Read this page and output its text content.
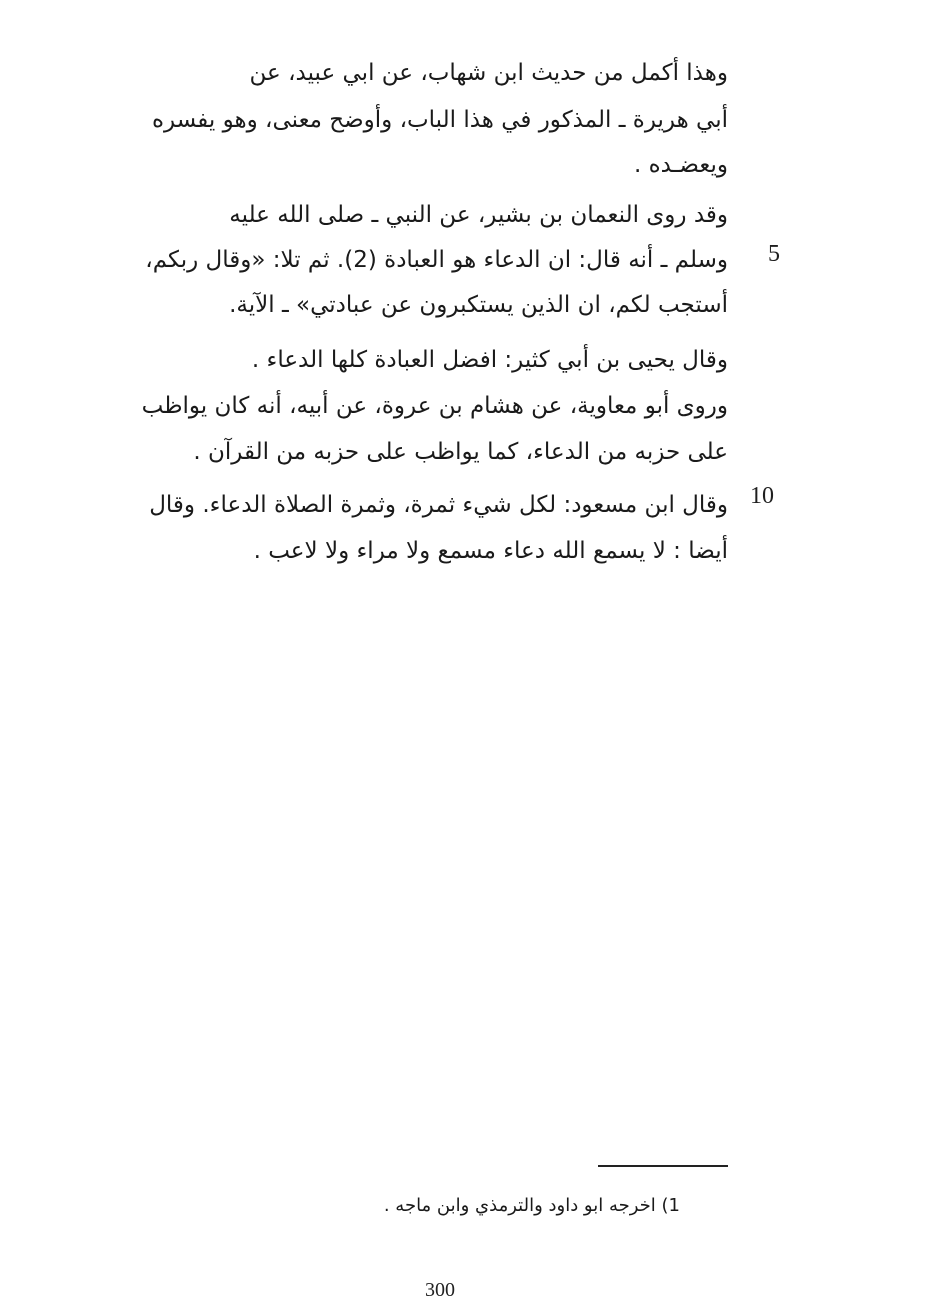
وهذا أكمل من حديث ابن شهاب، عن ابي عبيد، عن
أبي هريرة ـ المذكور في هذا الباب، وأوضح معنى، وهو يفسره
ويعضـده .
وقد روى النعمان بن بشير، عن النبي ـ صلى الله عليه
وسلم ـ أنه قال: ان الدعاء هو العبادة (2). ثم تلا: «وقال ربكم،
أستجب لكم، ان الذين يستكبرون عن عبادتي» ـ الآية.
وقال يحيى بن أبي كثير: افضل العبادة كلها الدعاء .
وروى أبو معاوية، عن هشام بن عروة، عن أبيه، أنه كان يواظب
على حزبه من الدعاء، كما يواظب على حزبه من القرآن .
وقال ابن مسعود: لكل شيء ثمرة، وثمرة الصلاة الدعاء. وقال
أيضا : لا يسمع الله دعاء مسمع ولا مراء ولا لاعب .
5
10
1) اخرجه ابو داود والترمذي وابن ماجه .
300
